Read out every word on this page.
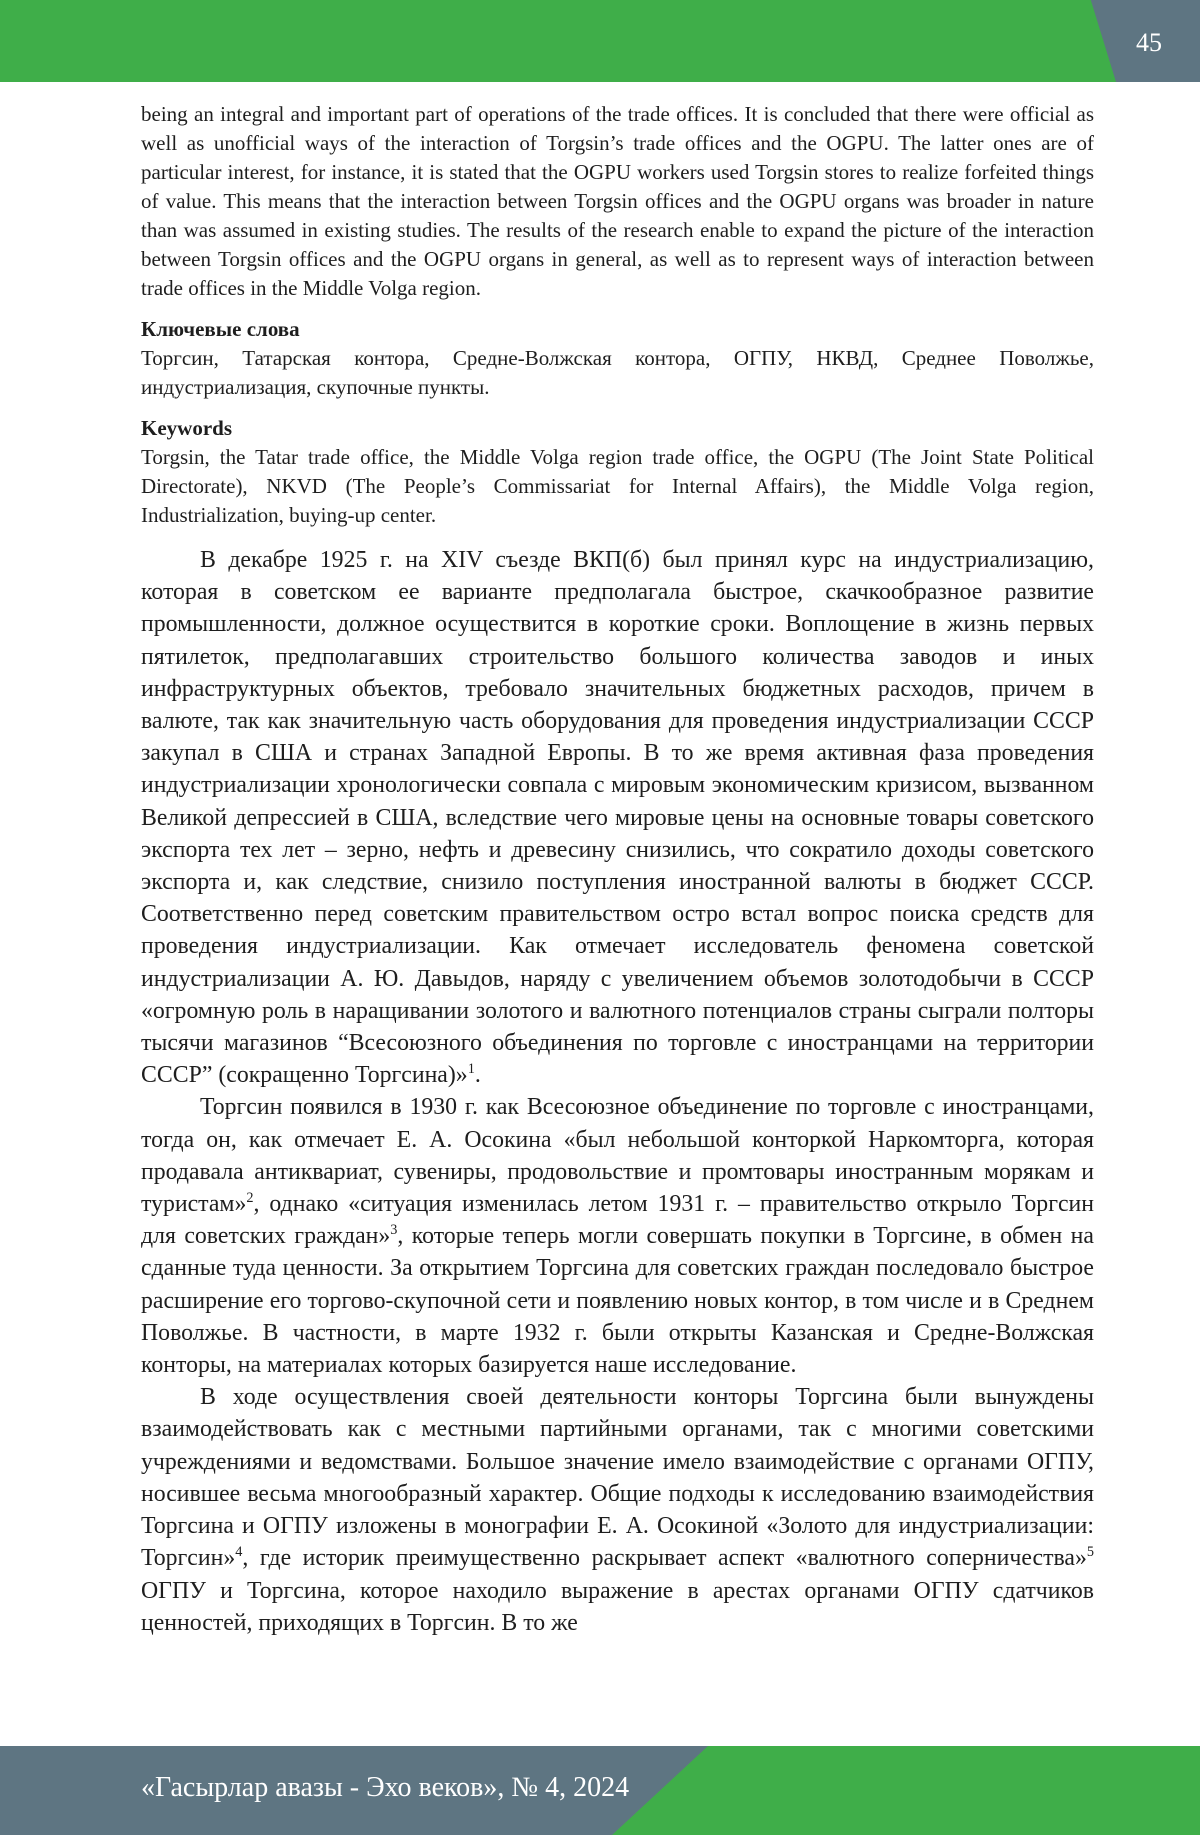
45

being an integral and important part of operations of the trade offices. It is concluded that there were official as well as unofficial ways of the interaction of Torgsin’s trade offices and the OGPU. The latter ones are of particular interest, for instance, it is stated that the OGPU workers used Torgsin stores to realize forfeited things of value. This means that the interaction between Torgsin offices and the OGPU organs was broader in nature than was assumed in existing studies. The results of the research enable to expand the picture of the interaction between Torgsin offices and the OGPU organs in general, as well as to represent ways of interaction between trade offices in the Middle Volga region.

Ключевые слова

Торгсин, Татарская контора, Средне-Волжская контора, ОГПУ, НКВД, Среднее Поволжье, индустриализация, скупочные пункты.

Keywords

Torgsin, the Tatar trade office, the Middle Volga region trade office, the OGPU (The Joint State Political Directorate), NKVD (The People’s Commissariat for Internal Affairs), the Middle Volga region, Industrialization, buying-up center.

В декабре 1925 г. на XIV съезде ВКП(б) был принял курс на индустриализацию, которая в советском ее варианте предполагала быстрое, скачкообразное развитие промышленности, должное осуществится в короткие сроки. Воплощение в жизнь первых пятилеток, предполагавших строительство большого количества заводов и иных инфраструктурных объектов, требовало значительных бюджетных расходов, причем в валюте, так как значительную часть оборудования для проведения индустриализации СССР закупал в США и странах Западной Европы. В то же время активная фаза проведения индустриализации хронологически совпала с мировым экономическим кризисом, вызванном Великой депрессией в США, вследствие чего мировые цены на основные товары советского экспорта тех лет – зерно, нефть и древесину снизились, что сократило доходы советского экспорта и, как следствие, снизило поступления иностранной валюты в бюджет СССР. Соответственно перед советским правительством остро встал вопрос поиска средств для проведения индустриализации. Как отмечает исследователь феномена советской индустриализации А. Ю. Давыдов, наряду с увеличением объемов золотодобычи в СССР «огромную роль в наращивании золотого и валютного потенциалов страны сыграли полторы тысячи магазинов “Всесоюзного объединения по торговле с иностранцами на территории СССР” (сокращенно Торгсина)»$^1$.

Торгсин появился в 1930 г. как Всесоюзное объединение по торговле с иностранцами, тогда он, как отмечает Е. А. Осокина «был небольшой конторкой Наркомторга, которая продавала антиквариат, сувениры, продовольствие и промтовары иностранным морякам и туристам»$^2$, однако «ситуация изменилась летом 1931 г. – правительство открыло Торгсин для советских граждан»$^3$, которые теперь могли совершать покупки в Торгсине, в обмен на сданные туда ценности. За открытием Торгсина для советских граждан последовало быстрое расширение его торгово-скупочной сети и появлению новых контор, в том числе и в Среднем Поволжье. В частности, в марте 1932 г. были открыты Казанская и Средне-Волжская конторы, на материалах которых базируется наше исследование.

В ходе осуществления своей деятельности конторы Торгсина были вынуждены взаимодействовать как с местными партийными органами, так с многими советскими учреждениями и ведомствами. Большое значение имело взаимодействие с органами ОГПУ, носившее весьма многообразный характер. Общие подходы к исследованию взаимодействия Торгсина и ОГПУ изложены в монографии Е. А. Осокиной «Золото для индустриализации: Торгсин»$^4$, где историк преимущественно раскрывает аспект «валютного соперничества»$^5$ ОГПУ и Торгсина, которое находило выражение в арестах органами ОГПУ сдатчиков ценностей, приходящих в Торгсин. В то же

«Гасырлар авазы - Эхо веков», № 4, 2024
